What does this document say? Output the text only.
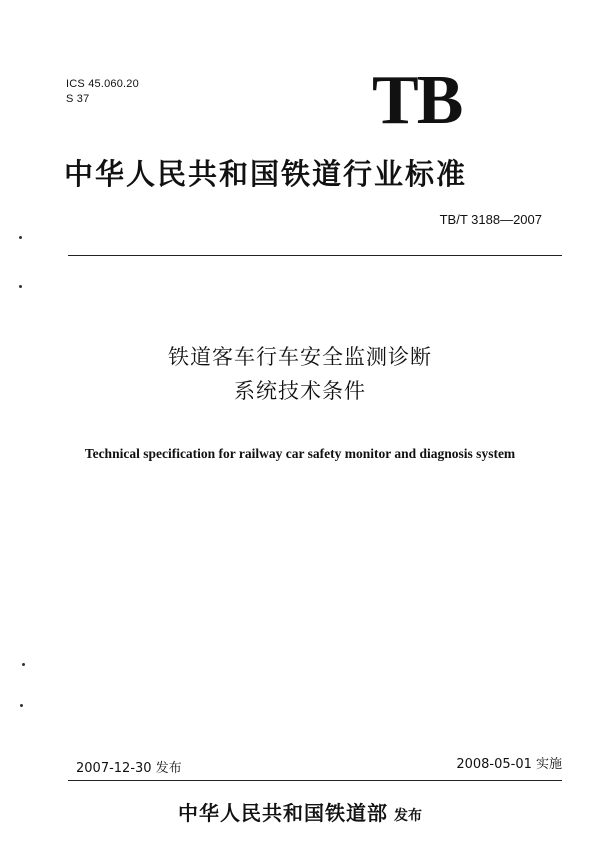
ICS 45.060.20
S 37	TB
中华人民共和国铁道行业标准
TB/T 3188—2007
铁道客车行车安全监测诊断
系统技术条件
Technical specification for railway car safety monitor and diagnosis system
2007-12-30 发布	2008-05-01 实施
中华人民共和国铁道部 发布
